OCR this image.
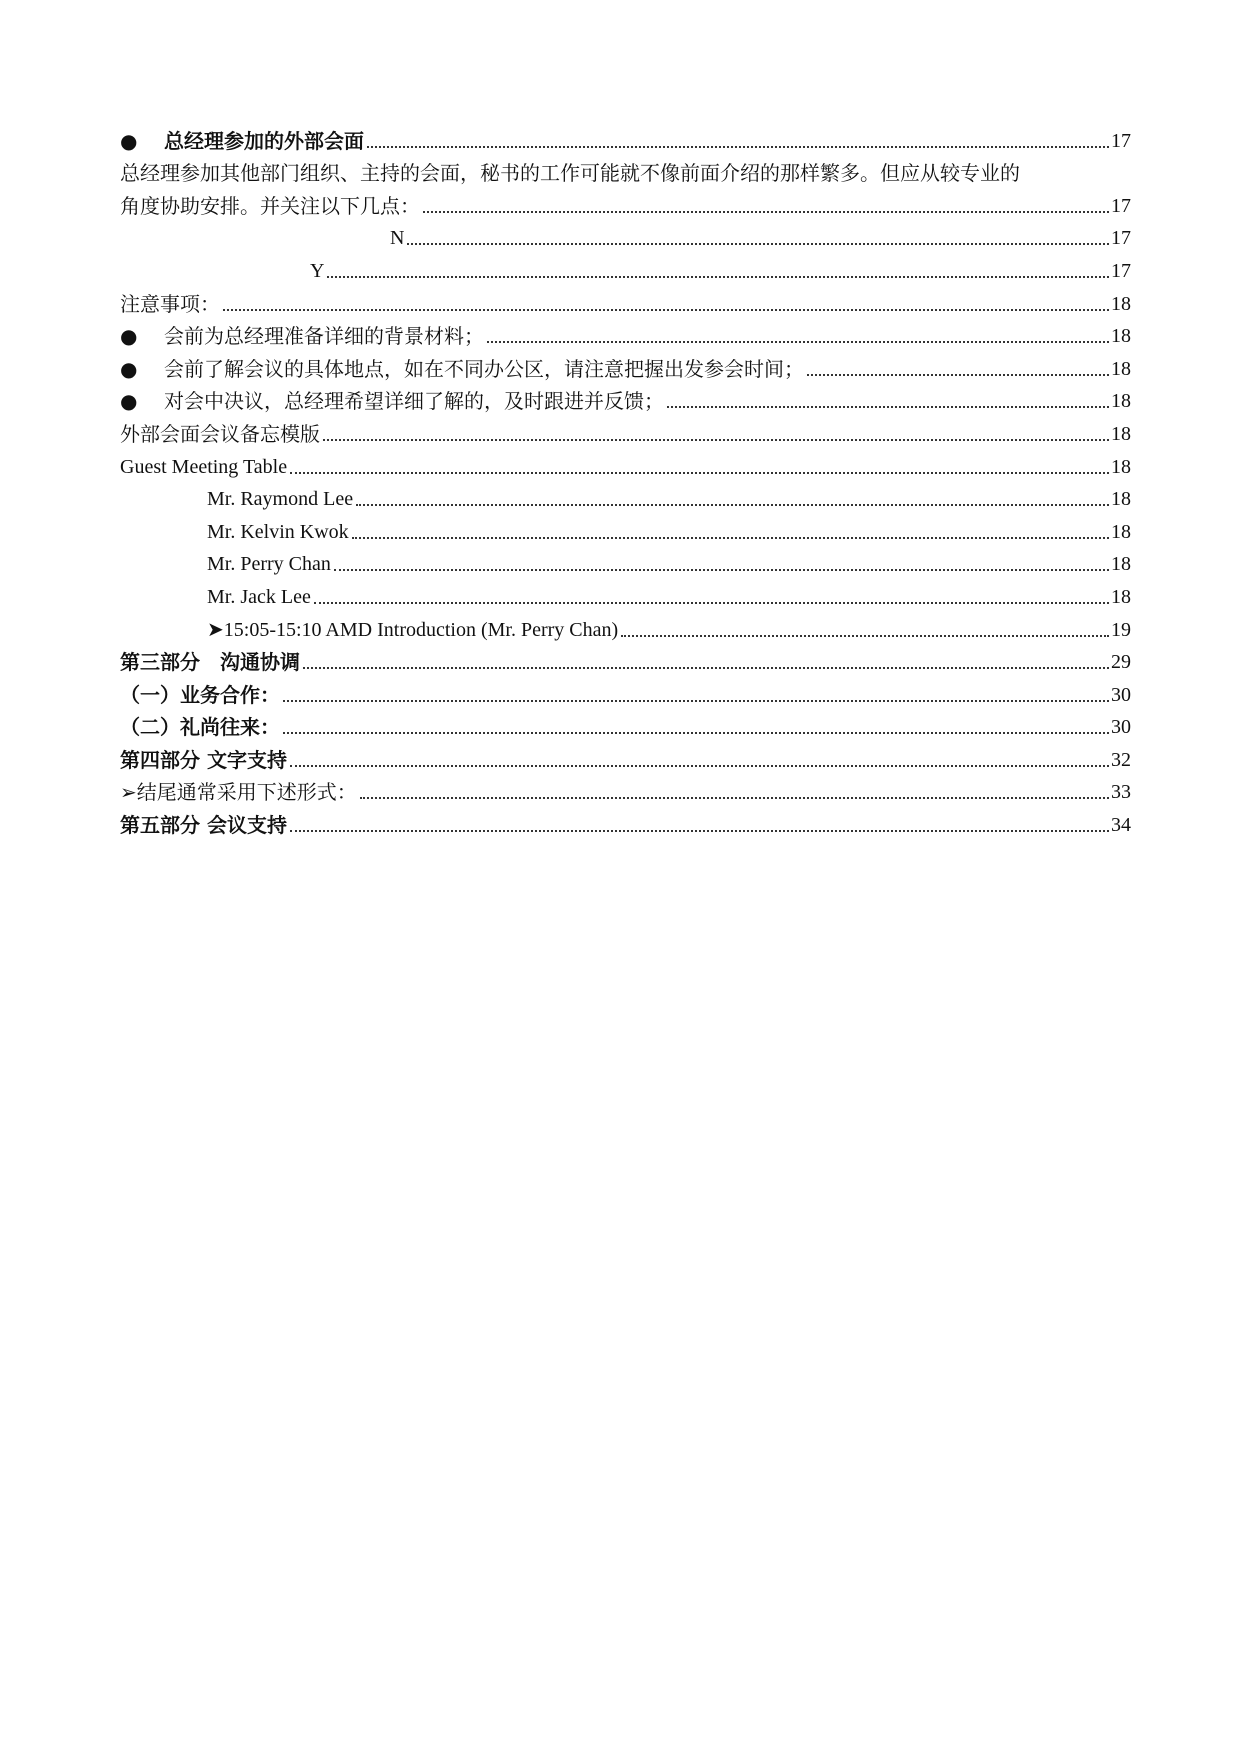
● 总经理参加的外部会面	17
总经理参加其他部门组织、主持的会面，秘书的工作可能就不像前面介绍的那样繁多。但应从较专业的
角度协助安排。并关注以下几点：	17
N	17
Y	17
注意事项：	18
● 会前为总经理准备详细的背景材料；	18
● 会前了解会议的具体地点，如在不同办公区，请注意把握出发参会时间；	18
● 对会中决议，总经理希望详细了解的，及时跟进并反馈；	18
外部会面会议备忘模版	18
Guest Meeting Table	18
Mr. Raymond Lee	18
Mr. Kelvin Kwok	18
Mr. Perry Chan	18
Mr. Jack Lee	18
➤15:05-15:10 AMD Introduction (Mr. Perry Chan)	19
第三部分　沟通协调	29
（一）业务合作：	30
（二）礼尚往来：	30
第四部分 文字支持	32
➢结尾通常采用下述形式：	33
第五部分 会议支持	34
